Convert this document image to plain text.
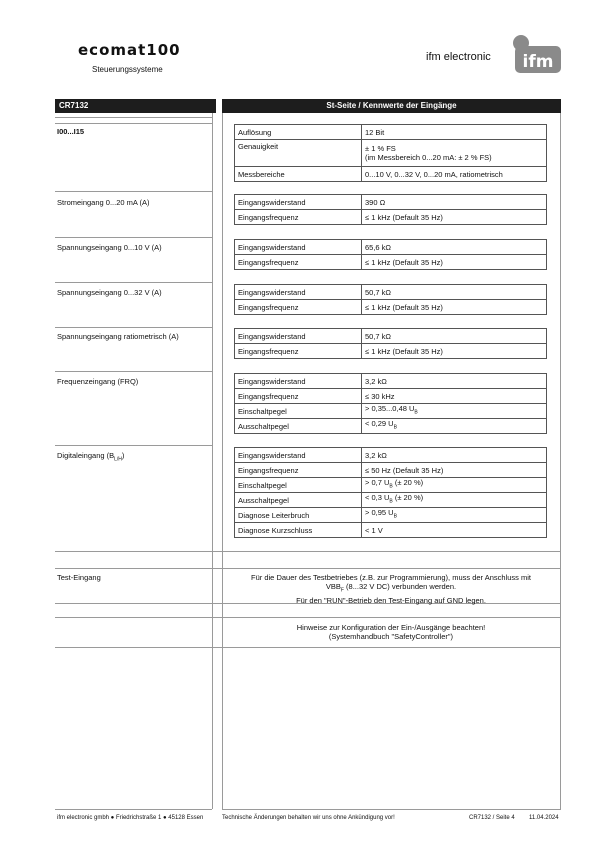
ecomat100
Steuerungssysteme
ifm electronic ifm
CR7132	St-Seite / Kennwerte der Eingänge
I00...I15	Auflösung	12 Bit
Genauigkeit	± 1 % FS
(im Messbereich 0...20 mA: ± 2 % FS)

Messbereiche	0...10 V, 0...32 V, 0...20 mA, ratiometrisch
Stromeingang 0...20 mA (A)	Eingangswiderstand	390 Ω
Eingangsfrequenz	≤ 1 kHz (Default 35 Hz)
Spannungseingang 0...10 V (A)	Eingangswiderstand	65,6 kΩ
Eingangsfrequenz	≤ 1 kHz (Default 35 Hz)
Spannungseingang 0...32 V (A)	Eingangswiderstand	50,7 kΩ
Eingangsfrequenz	≤ 1 kHz (Default 35 Hz)
Spannungseingang ratiometrisch (A)	Eingangswiderstand	50,7 kΩ
Eingangsfrequenz	≤ 1 kHz (Default 35 Hz)
Frequenzeingang (FRQ)	Eingangswiderstand	3,2 kΩ
Eingangsfrequenz	≤ 30 kHz
Einschaltpegel	> 0,35...0,48 $U_B$
Ausschaltpegel	< 0,29 $U_B$
Digitaleingang $(B_{L/H})$	Eingangswiderstand	3,2 kΩ
Eingangsfrequenz	≤ 50 Hz (Default 35 Hz)
Einschaltpegel	> 0,7 $U_B$ (± 20 %)
Ausschaltpegel	< 0,3 $U_B$ (± 20 %)
Diagnose Leiterbruch	> 0,95 $U_B$
Diagnose Kurzschluss	< 1 V
Test-Eingang	Für die Dauer des Testbetriebes (z.B. zur Programmierung), muss der Anschluss mit
$VBB_F$ (8...32 V DC) verbunden werden.
Für den "RUN"-Betrieb den Test-Eingang auf GND legen.
Hinweise zur Konfiguration der Ein-/Ausgänge beachten!
(Systemhandbuch "SafetyController")
ifm electronic gmbh ● Friedrichstraße 1 ● 45128 Essen	Technische Änderungen behalten wir uns ohne Ankündigung vor!	CR7132 / Seite 4 11.04.2024
